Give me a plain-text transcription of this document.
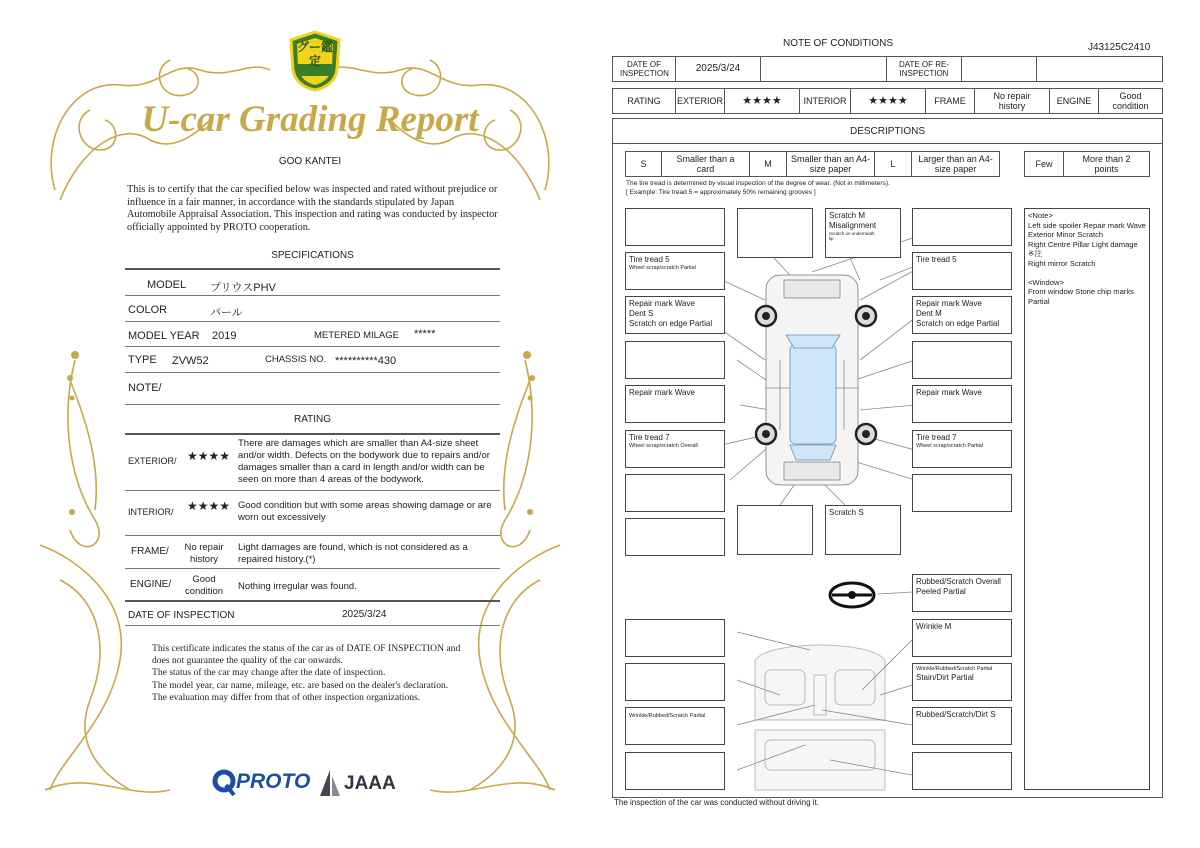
グー鑑定
U-car Grading Report
GOO KANTEI
This is to certify that the car specified below was inspected and rated without prejudice or influence in a fair manner, in accordance with the standards stipulated by Japan Automobile Appraisal Association. This inspection and rating was conducted by inspector officially appointed by PROTO cooperation.
SPECIFICATIONS
MODEL プリウスPHV
COLOR	パール
MODEL YEAR 2019	METERED MILAGE *****
TYPE ZVW52	CHASSIS NO. **********430
NOTE/
RATING
EXTERIOR/ ★★★★
There are damages which are smaller than A4-size sheet and/or width. Defects on the bodywork due to repairs and/or damages smaller than a card in length and/or width can be seen on more than 4 areas of the bodywork.
INTERIOR/ ★★★★ Good condition but with some areas showing damage or are worn out excessively
FRAME/	No repair history
Light damages are found, which is not considered as a repaired history.(*)
ENGINE/	Good condition	Nothing irregular was found.
DATE OF INSPECTION	2025/3/24
This certificate indicates the status of the car as of DATE OF INSPECTION and does not guarantee the quality of the car onwards.
The status of the car may change after the date of inspection.
The model year, car name, mileage, etc. are based on the dealer's declaration.
The evaluation may differ from that of other inspection organizations.
PROTO JAAA
NOTE OF CONDITIONS	J43125C2410
DATE OF INSPECTION	2025/3/24	DATE OF RE-INSPECTION
RATING EXTERIOR ★★★★ INTERIOR ★★★★	FRAME	No repair history	ENGINE	Good condition
DESCRIPTIONS
S	Smaller than a card	M Smaller than an A4-size paper	L	Larger than an A4-size paper	Few	More than 2 points
The tire tread is determined by visual inspection of the degree of wear. (Not in millimeters).
[ Example: Tire tread 5 = approximately 50% remaining grooves ]
Tire tread 5
Wheel scrap/scratch Partial
Repair mark Wave
Dent S
Scratch on edge Partial
Repair mark Wave
Tire tread 7
Wheel scrap/scratch Overall
Scratch M
Misalignment
Scratch on underneath lip
Scratch S
Tire tread 5
Repair mark Wave
Dent M
Scratch on edge Partial
Repair mark Wave
Tire tread 7
Wheel scrap/scratch Partial
Rubbed/Scratch Overall
Peeled Partial
Wrinkle M
Wrinkle/Rubbed/Scratch Partial
Stain/Dirt Partial
Wrinkle/Rubbed/Scratch Partial	Rubbed/Scratch/Dirt S
<Note>
Left side spoiler Repair mark Wave
Exterior Minor Scratch
Right Centre Pillar Light damage ※注
Right mirror Scratch
<Window>
Front window Stone chip marks Partial
The inspection of the car was conducted without driving it.
